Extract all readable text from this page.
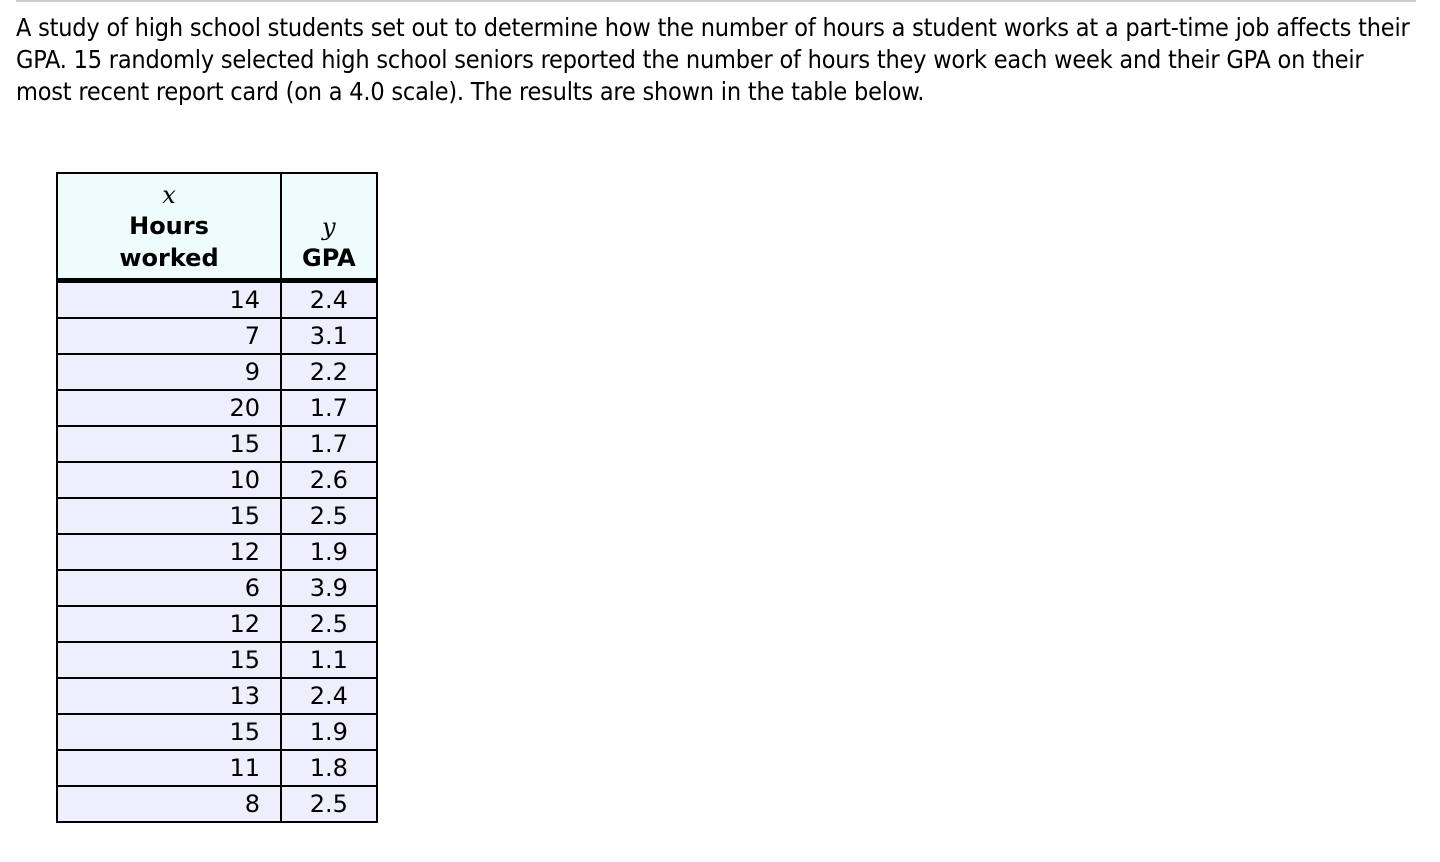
A study of high school students set out to determine how the number of hours a student works at a part-time job affects their GPA. 15 randomly selected high school seniors reported the number of hours they work each week and their GPA on their most recent report card (on a 4.0 scale). The results are shown in the table below.

x
Hours worked	y
GPA
14	2.4
7	3.1
9	2.2
20	1.7
15	1.7
10	2.6
15	2.5
12	1.9
6	3.9
12	2.5
15	1.1
13	2.4
15	1.9
11	1.8
8	2.5
